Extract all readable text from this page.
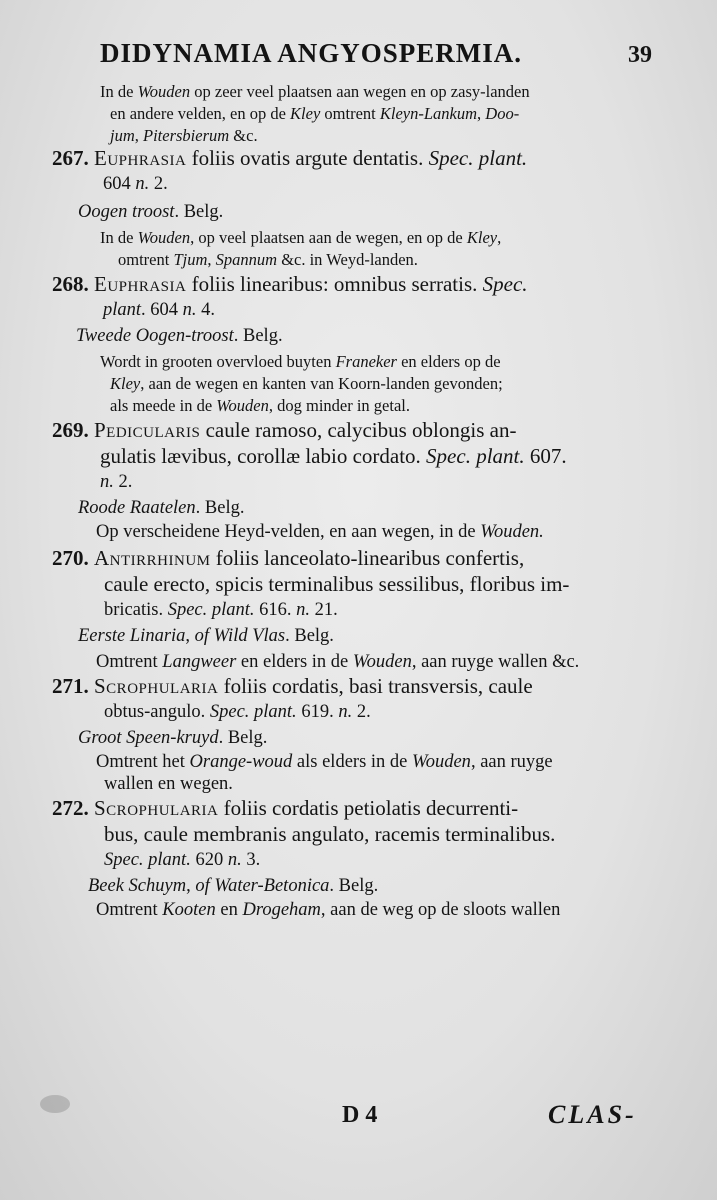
DIDYNAMIA ANGYOSPERMIA.	39
In de Wouden op zeer veel plaatsen aan wegen en op zasy-landen
en andere velden, en op de Kley omtrent Kleyn-Lankum, Doo-
jum, Pitersbierum &c.
267. Euphrasia foliis ovatis argute dentatis. Spec. plant.
604 n. 2.
Oogen troost. Belg.
In de Wouden, op veel plaatsen aan de wegen, en op de Kley,
omtrent Tjum, Spannum &c. in Weyd-landen.
268. Euphrasia foliis linearibus: omnibus serratis. Spec.
plant. 604 n. 4.
Tweede Oogen-troost. Belg.
Wordt in grooten overvloed buyten Franeker en elders op de
Kley, aan de wegen en kanten van Koorn-landen gevonden;
als meede in de Wouden, dog minder in getal.
269. Pedicularis caule ramoso, calycibus oblongis an-
gulatis lævibus, corollæ labio cordato. Spec. plant. 607.
n. 2.
Roode Raatelen. Belg.
Op verscheidene Heyd-velden, en aan wegen, in de Wouden.
270. Antirrhinum foliis lanceolato-linearibus confertis,
caule erecto, spicis terminalibus sessilibus, floribus im-
bricatis. Spec. plant. 616. n. 21.
Eerste Linaria, of Wild Vlas. Belg.
Omtrent Langweer en elders in de Wouden, aan ruyge wallen &c.
271. Scrophularia foliis cordatis, basi transversis, caule
obtus-angulo. Spec. plant. 619. n. 2.
Groot Speen-kruyd. Belg.
Omtrent het Orange-woud als elders in de Wouden, aan ruyge
wallen en wegen.
272. Scrophularia foliis cordatis petiolatis decurrenti-
bus, caule membranis angulato, racemis terminalibus.
Spec. plant. 620 n. 3.
Beek Schuym, of Water-Betonica. Belg.
Omtrent Kooten en Drogeham, aan de weg op de sloots wallen
D 4	CLAS-
